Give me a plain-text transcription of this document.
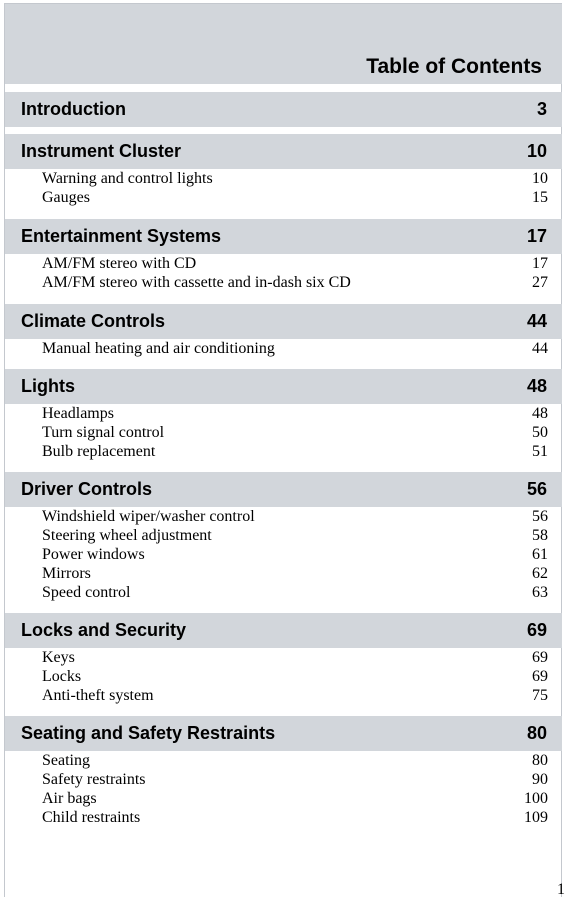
Table of Contents
Introduction	3
Instrument Cluster	10
Warning and control lights	10
Gauges	15
Entertainment Systems	17
AM/FM stereo with CD	17
AM/FM stereo with cassette and in-dash six CD	27
Climate Controls	44
Manual heating and air conditioning	44
Lights	48
Headlamps	48
Turn signal control	50
Bulb replacement	51
Driver Controls	56
Windshield wiper/washer control	56
Steering wheel adjustment	58
Power windows	61
Mirrors	62
Speed control	63
Locks and Security	69
Keys	69
Locks	69
Anti-theft system	75
Seating and Safety Restraints	80
Seating	80
Safety restraints	90
Air bags	100
Child restraints	109
1
